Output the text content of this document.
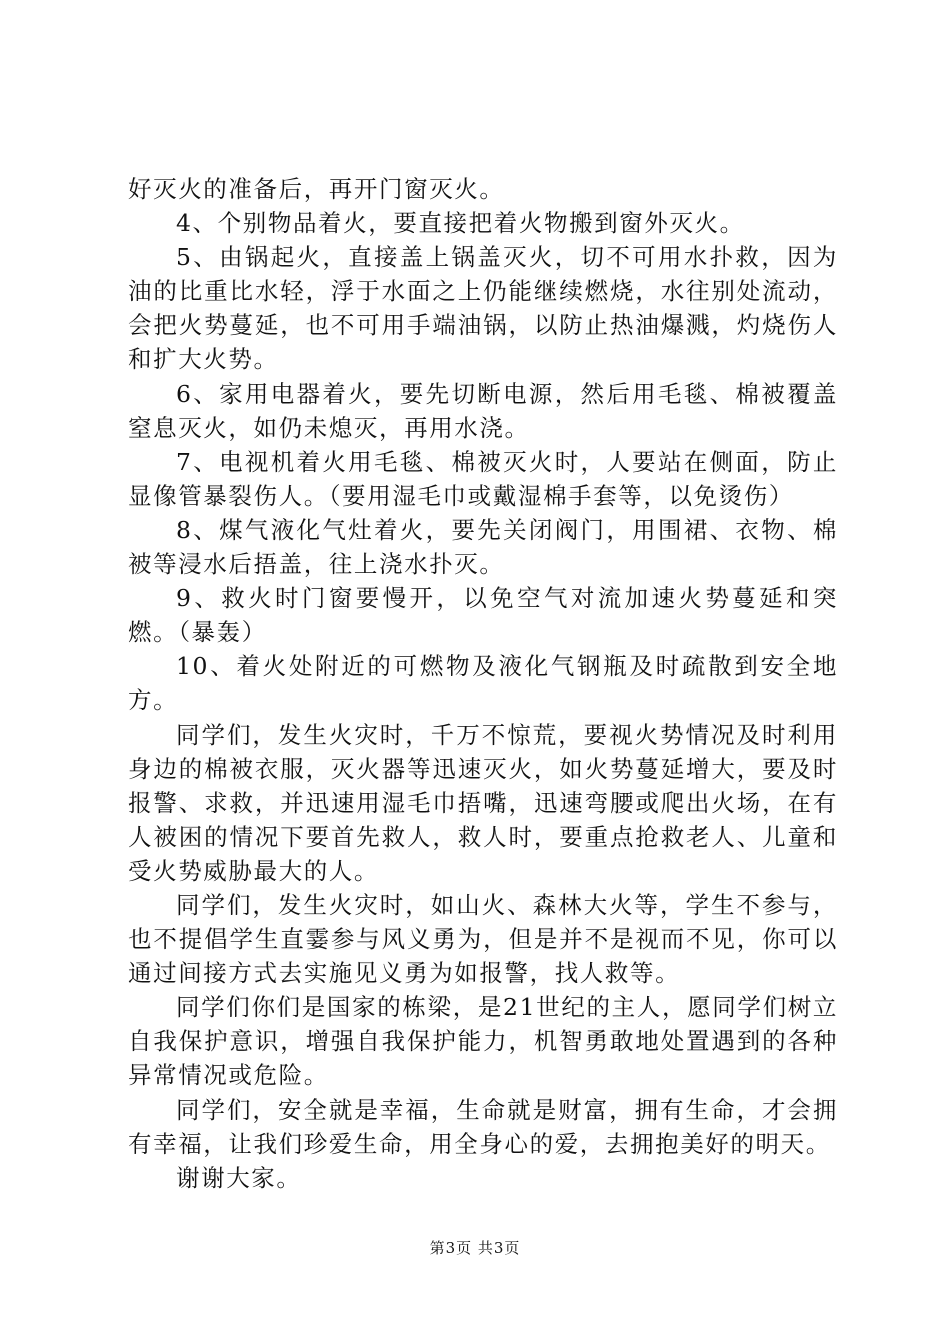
好灭火的准备后，再开门窗灭火。

4、个别物品着火，要直接把着火物搬到窗外灭火。

5、由锅起火，直接盖上锅盖灭火，切不可用水扑救，因为油的比重比水轻，浮于水面之上仍能继续燃烧，水往别处流动，会把火势蔓延，也不可用手端油锅，以防止热油爆溅，灼烧伤人和扩大火势。

6、家用电器着火，要先切断电源，然后用毛毯、棉被覆盖窒息灭火，如仍未熄灭，再用水浇。

7、电视机着火用毛毯、棉被灭火时，人要站在侧面，防止显像管暴裂伤人。（要用湿毛巾或戴湿棉手套等，以免烫伤）

8、煤气液化气灶着火，要先关闭阀门，用围裙、衣物、棉被等浸水后捂盖，往上浇水扑灭。

9、救火时门窗要慢开，以免空气对流加速火势蔓延和突燃。（暴轰）

10、着火处附近的可燃物及液化气钢瓶及时疏散到安全地方。

同学们，发生火灾时，千万不惊荒，要视火势情况及时利用身边的棉被衣服，灭火器等迅速灭火，如火势蔓延增大，要及时报警、求救，并迅速用湿毛巾捂嘴，迅速弯腰或爬出火场，在有人被困的情况下要首先救人，救人时，要重点抢救老人、儿童和受火势威胁最大的人。

同学们，发生火灾时，如山火、森林大火等，学生不参与，也不提倡学生直霎参与风义勇为，但是并不是视而不见，你可以通过间接方式去实施见义勇为如报警，找人救等。

同学们你们是国家的栋梁，是21世纪的主人，愿同学们树立自我保护意识，增强自我保护能力，机智勇敢地处置遇到的各种异常情况或危险。

同学们，安全就是幸福，生命就是财富，拥有生命，才会拥有幸福，让我们珍爱生命，用全身心的爱，去拥抱美好的明天。

谢谢大家。

第3页 共3页
